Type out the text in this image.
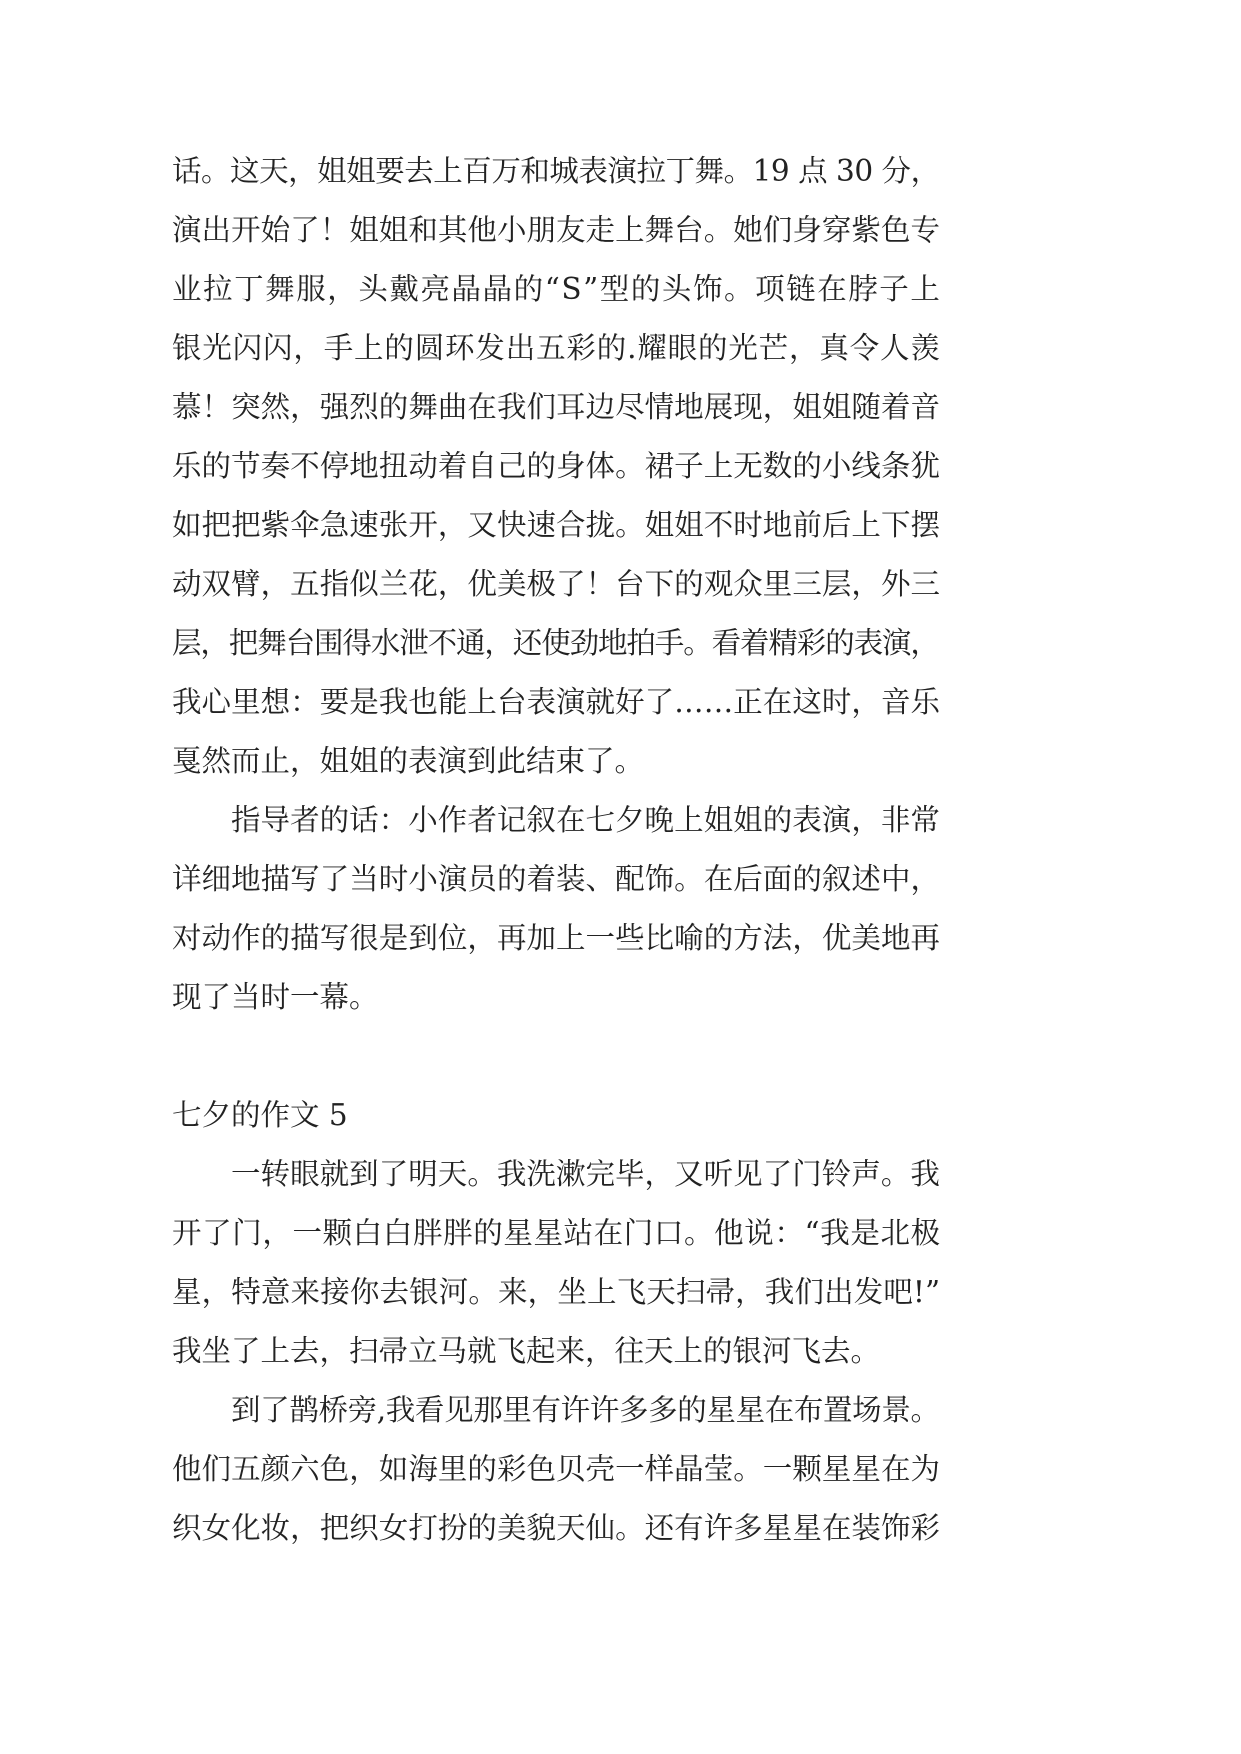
话。这天，姐姐要去上百万和城表演拉丁舞。19 点 30 分，
演出开始了！姐姐和其他小朋友走上舞台。她们身穿紫色专
业拉丁舞服，头戴亮晶晶的“S”型的头饰。项链在脖子上
银光闪闪，手上的圆环发出五彩的.耀眼的光芒，真令人羡
慕！突然，强烈的舞曲在我们耳边尽情地展现，姐姐随着音
乐的节奏不停地扭动着自己的身体。裙子上无数的小线条犹
如把把紫伞急速张开，又快速合拢。姐姐不时地前后上下摆
动双臂，五指似兰花，优美极了！台下的观众里三层，外三
层，把舞台围得水泄不通，还使劲地拍手。看着精彩的表演，
我心里想：要是我也能上台表演就好了……正在这时，音乐
戛然而止，姐姐的表演到此结束了。
指导者的话：小作者记叙在七夕晚上姐姐的表演，非常
详细地描写了当时小演员的着装、配饰。在后面的叙述中，
对动作的描写很是到位，再加上一些比喻的方法，优美地再
现了当时一幕。
七夕的作文 5
一转眼就到了明天。我洗漱完毕，又听见了门铃声。我
开了门，一颗白白胖胖的星星站在门口。他说：“我是北极
星，特意来接你去银河。来，坐上飞天扫帚，我们出发吧!”
我坐了上去，扫帚立马就飞起来，往天上的银河飞去。
到了鹊桥旁,我看见那里有许许多多的星星在布置场景。
他们五颜六色，如海里的彩色贝壳一样晶莹。一颗星星在为
织女化妆，把织女打扮的美貌天仙。还有许多星星在装饰彩
